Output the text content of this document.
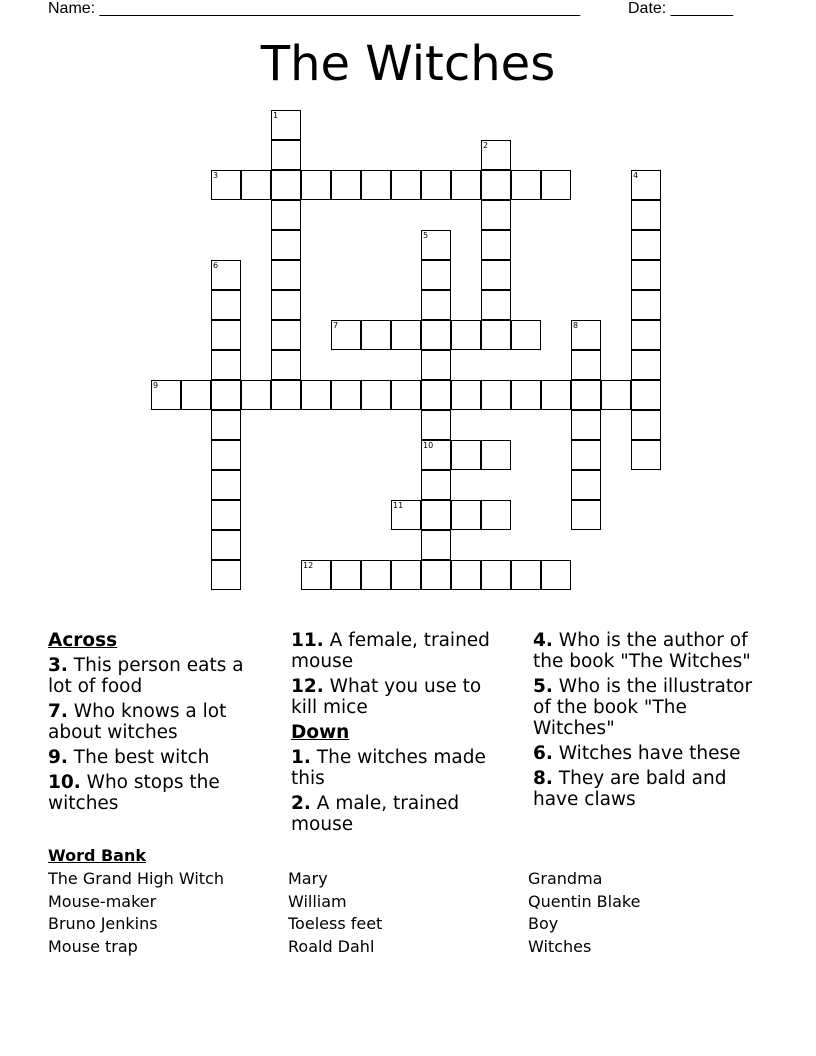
Name: ______________________________________________________	Date: _______
The Witches
1
2
3	4
5
6
7	8
9
10
11
12
Across
3. This person eats a lot of food
7. Who knows a lot about witches
9. The best witch
10. Who stops the witches
11. A female, trained mouse
12. What you use to kill mice
Down
1. The witches made this
2. A male, trained mouse
4. Who is the author of the book "The Witches"
5. Who is the illustrator of the book "The Witches"
6. Witches have these
8. They are bald and have claws
Word Bank
The Grand High Witch
Mouse-maker
Bruno Jenkins
Mouse trap
Mary
William
Toeless feet
Roald Dahl
Grandma
Quentin Blake
Boy
Witches
